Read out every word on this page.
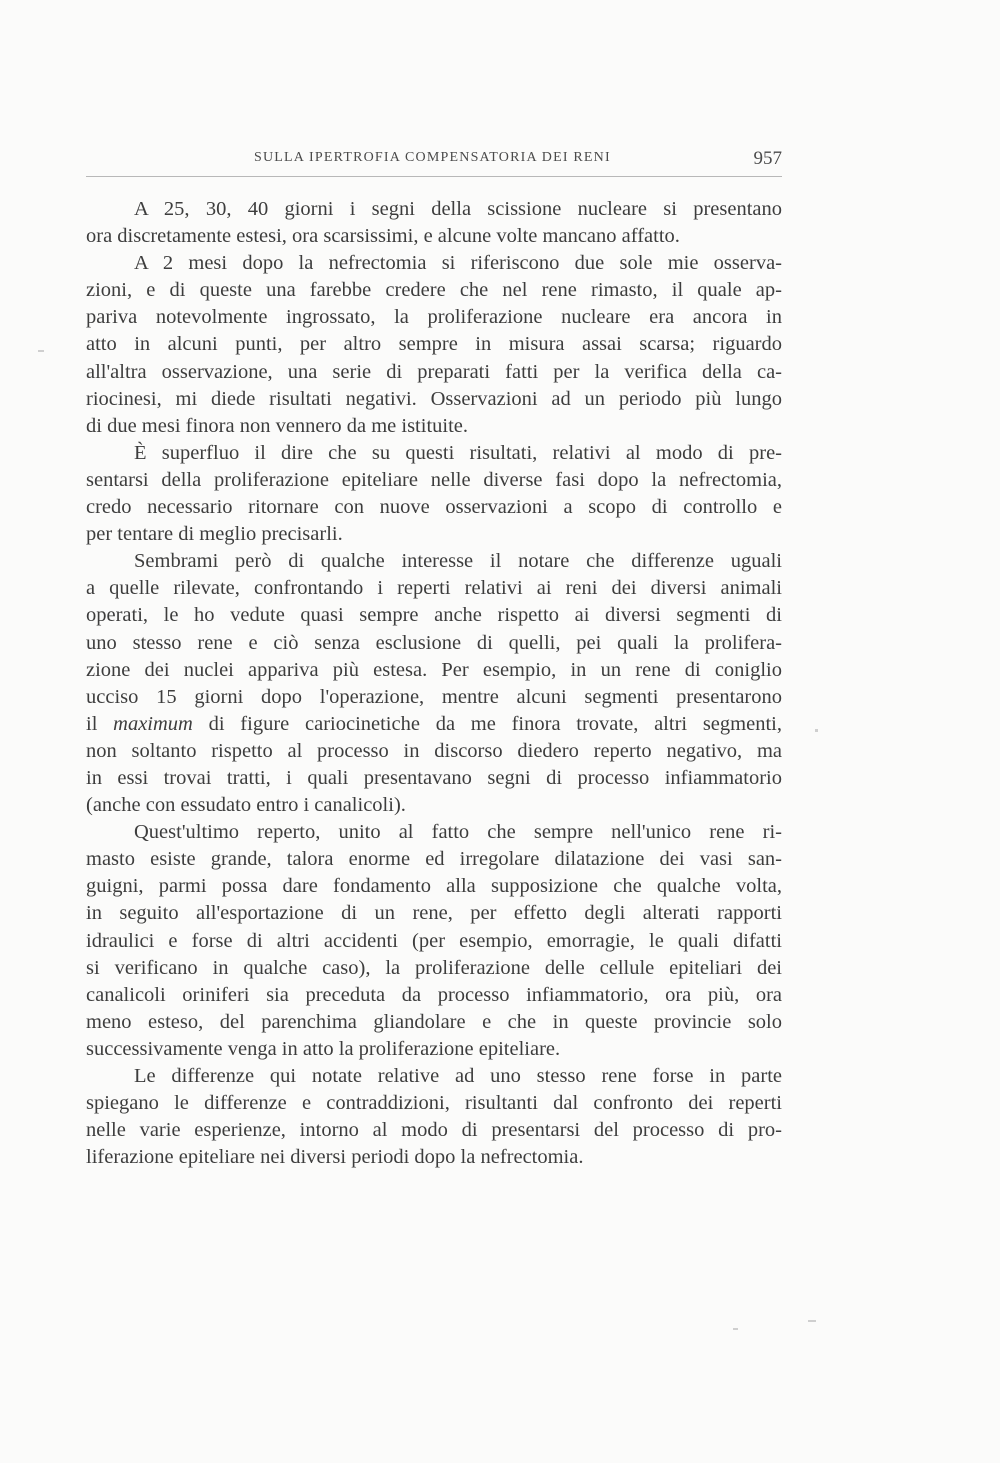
SULLA IPERTROFIA COMPENSATORIA DEI RENI	957
A 25, 30, 40 giorni i segni della scissione nucleare si presentano
ora discretamente estesi, ora scarsissimi, e alcune volte mancano affatto.
A 2 mesi dopo la nefrectomia si riferiscono due sole mie osserva-
zioni, e di queste una farebbe credere che nel rene rimasto, il quale ap-
pariva notevolmente ingrossato, la proliferazione nucleare era ancora in
atto in alcuni punti, per altro sempre in misura assai scarsa; riguardo
all'altra osservazione, una serie di preparati fatti per la verifica della ca-
riocinesi, mi diede risultati negativi. Osservazioni ad un periodo più lungo
di due mesi finora non vennero da me istituite.
È superfluo il dire che su questi risultati, relativi al modo di pre-
sentarsi della proliferazione epiteliare nelle diverse fasi dopo la nefrectomia,
credo necessario ritornare con nuove osservazioni a scopo di controllo e
per tentare di meglio precisarli.
Sembrami però di qualche interesse il notare che differenze uguali
a quelle rilevate, confrontando i reperti relativi ai reni dei diversi animali
operati, le ho vedute quasi sempre anche rispetto ai diversi segmenti di
uno stesso rene e ciò senza esclusione di quelli, pei quali la prolifera-
zione dei nuclei appariva più estesa. Per esempio, in un rene di coniglio
ucciso 15 giorni dopo l'operazione, mentre alcuni segmenti presentarono
il maximum di figure cariocinetiche da me finora trovate, altri segmenti,
non soltanto rispetto al processo in discorso diedero reperto negativo, ma
in essi trovai tratti, i quali presentavano segni di processo infiammatorio
(anche con essudato entro i canalicoli).
Quest'ultimo reperto, unito al fatto che sempre nell'unico rene ri-
masto esiste grande, talora enorme ed irregolare dilatazione dei vasi san-
guigni, parmi possa dare fondamento alla supposizione che qualche volta,
in seguito all'esportazione di un rene, per effetto degli alterati rapporti
idraulici e forse di altri accidenti (per esempio, emorragie, le quali difatti
si verificano in qualche caso), la proliferazione delle cellule epiteliari dei
canalicoli oriniferi sia preceduta da processo infiammatorio, ora più, ora
meno esteso, del parenchima gliandolare e che in queste provincie solo
successivamente venga in atto la proliferazione epiteliare.
Le differenze qui notate relative ad uno stesso rene forse in parte
spiegano le differenze e contraddizioni, risultanti dal confronto dei reperti
nelle varie esperienze, intorno al modo di presentarsi del processo di pro-
liferazione epiteliare nei diversi periodi dopo la nefrectomia.
